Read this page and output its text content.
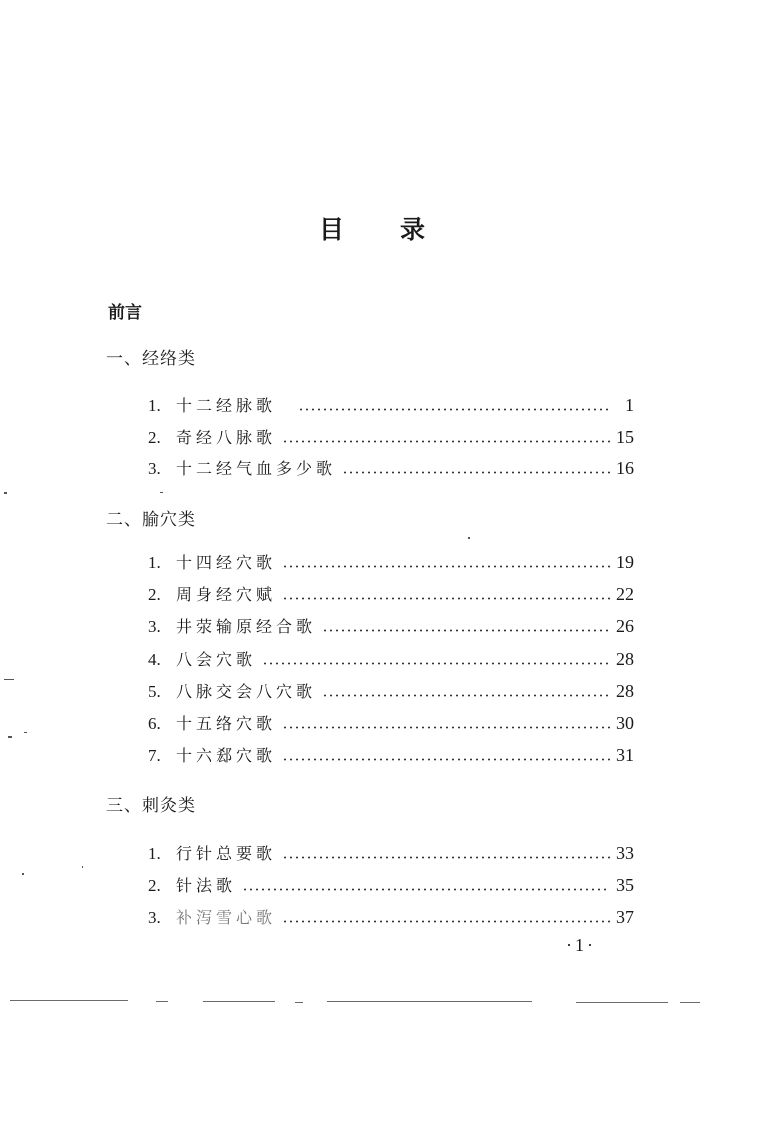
目 录
前言
一、经络类
1. 十二经脉歌	1
2. 奇经八脉歌	15
3. 十二经气血多少歌	16
二、腧穴类
1. 十四经穴歌	19
2. 周身经穴赋	22
3. 井荥输原经合歌	26
4. 八会穴歌	28
5. 八脉交会八穴歌	28
6. 十五络穴歌	30
7. 十六郄穴歌	31
三、刺灸类
1. 行针总要歌	33
2. 针法歌	35
3. 补泻雪心歌	37
·1·
